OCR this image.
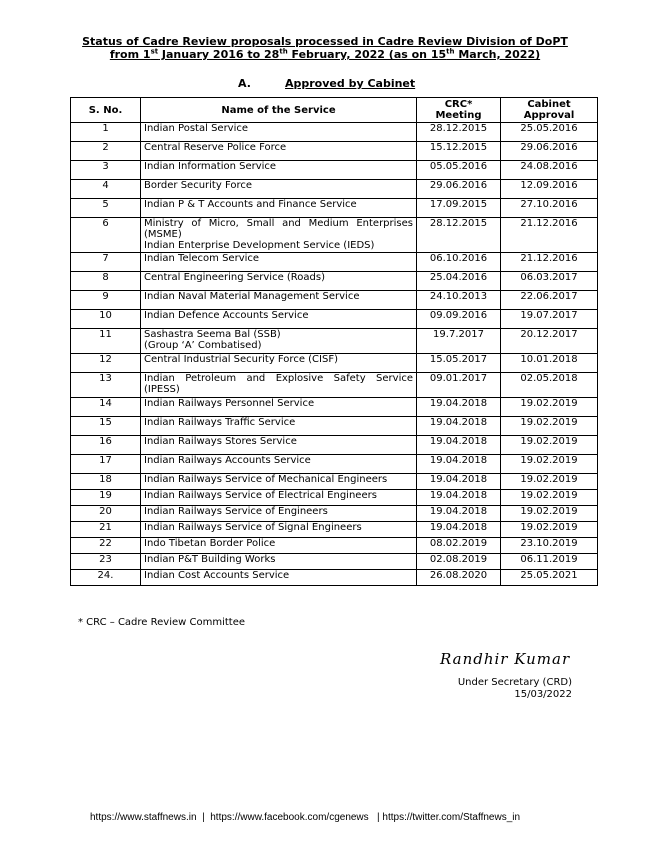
Status of Cadre Review proposals processed in Cadre Review Division of DoPT
from 1st January 2016 to 28th February, 2022 (as on 15th March, 2022)
A.	Approved by Cabinet
S. No.	Name of the Service	CRC* Meeting	Cabinet Approval
1	Indian Postal Service	28.12.2015	25.05.2016
2	Central Reserve Police Force	15.12.2015	29.06.2016
3	Indian Information Service	05.05.2016	24.08.2016
4	Border Security Force	29.06.2016	12.09.2016
5	Indian P & T Accounts and Finance Service	17.09.2015	27.10.2016
6	Ministry of Micro, Small and Medium Enterprises (MSME)
Indian Enterprise Development Service (IEDS)	28.12.2015	21.12.2016
7	Indian Telecom Service	06.10.2016	21.12.2016
8	Central Engineering Service (Roads)	25.04.2016	06.03.2017
9	Indian Naval Material Management Service	24.10.2013	22.06.2017
10	Indian Defence Accounts Service	09.09.2016	19.07.2017
11	Sashastra Seema Bal (SSB)
(Group ‘A’ Combatised)	19.7.2017	20.12.2017
12	Central Industrial Security Force (CISF)	15.05.2017	10.01.2018
13	Indian Petroleum and Explosive Safety Service (IPESS)	09.01.2017	02.05.2018
14	Indian Railways Personnel Service	19.04.2018	19.02.2019
15	Indian Railways Traffic Service	19.04.2018	19.02.2019
16	Indian Railways Stores Service	19.04.2018	19.02.2019
17	Indian Railways Accounts Service	19.04.2018	19.02.2019
18	Indian Railways Service of Mechanical Engineers	19.04.2018	19.02.2019
19	Indian Railways Service of Electrical Engineers	19.04.2018	19.02.2019
20	Indian Railways Service of Engineers	19.04.2018	19.02.2019
21	Indian Railways Service of Signal Engineers	19.04.2018	19.02.2019
22	Indo Tibetan Border Police	08.02.2019	23.10.2019
23	Indian P&T Building Works	02.08.2019	06.11.2019
24.	Indian Cost Accounts Service	26.08.2020	25.05.2021
* CRC – Cadre Review Committee
Randhir Kumar
Under Secretary (CRD)
15/03/2022
https://www.staffnews.in  |  https://www.facebook.com/cgenews   | https://twitter.com/Staffnews_in
